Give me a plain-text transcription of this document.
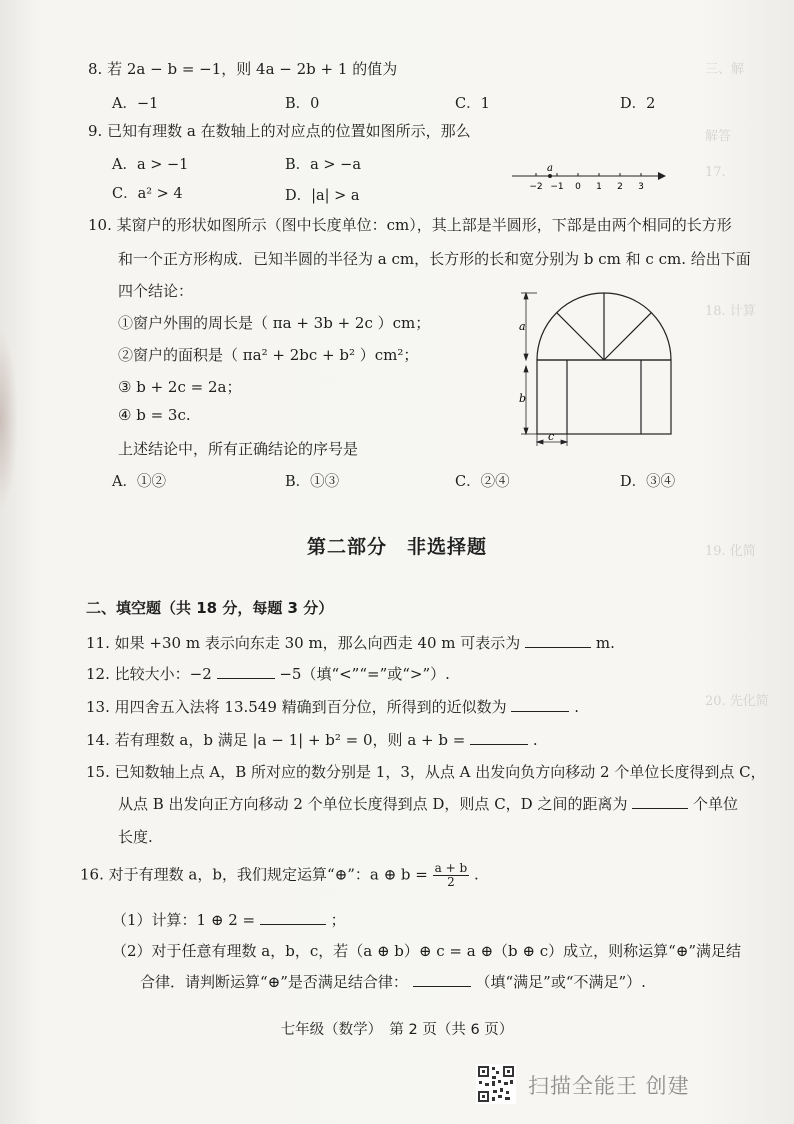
三、解
解答
17.
18. 计算
19. 化简
20. 先化简
8. 若 2a − b = −1，则 4a − 2b + 1 的值为
A．−1	B．0	C．1	D．2
9. 已知有理数 a 在数轴上的对应点的位置如图所示，那么
A．a > −1	B．a > −a
C．a² > 4	D．|a| > a
−2 −1 0 1 2 3
a
10. 某窗户的形状如图所示（图中长度单位：cm），其上部是半圆形，下部是由两个相同的长方形
和一个正方形构成．已知半圆的半径为 a cm，长方形的长和宽分别为 b cm 和 c cm. 给出下面
四个结论：
①窗户外围的周长是（ πa + 3b + 2c ）cm；
②窗户的面积是（ πa² + 2bc + b² ）cm²；
③ b + 2c = 2a；
④ b = 3c.
上述结论中，所有正确结论的序号是
A．①②	B．①③	C．②④	D．③④
a
b
c
第二部分　非选择题
二、填空题（共 18 分，每题 3 分）
11. 如果 +30 m 表示向东走 30 m，那么向西走 40 m 可表示为	m.
12. 比较大小：−2	−5（填“<”“=”或“>”）.
13. 用四舍五入法将 13.549 精确到百分位，所得到的近似数为	.
14. 若有理数 a，b 满足 |a − 1| + b² = 0，则 a + b =	.
15. 已知数轴上点 A，B 所对应的数分别是 1，3，从点 A 出发向负方向移动 2 个单位长度得到点 C，
从点 B 出发向正方向移动 2 个单位长度得到点 D，则点 C，D 之间的距离为	个单位
长度.
16. 对于有理数 a，b，我们规定运算“⊕”：a ⊕ $b = \frac{a + b}{2}$ .
（1）计算：1 ⊕ 2 =	；
（2）对于任意有理数 a，b，c，若（a ⊕ b）⊕ c = a ⊕（b ⊕ c）成立，则称运算“⊕”满足结
合律．请判断运算“⊕”是否满足结合律：	（填“满足”或“不满足”）.
七年级（数学）　第 2 页（共 6 页）
扫描全能王 创建
